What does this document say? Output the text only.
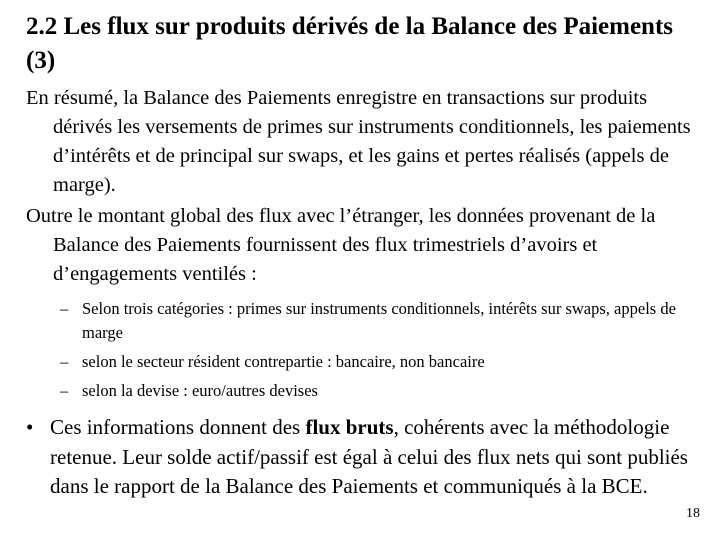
2.2 Les flux sur produits dérivés de la Balance des Paiements (3)

En résumé, la Balance des Paiements enregistre en transactions sur produits dérivés les versements de primes sur instruments conditionnels, les paiements d’intérêts et de principal sur swaps, et les gains et pertes réalisés (appels de marge).

Outre le montant global des flux avec l’étranger, les données provenant de la Balance des Paiements fournissent des flux trimestriels d’avoirs et d’engagements ventilés :

– Selon trois catégories : primes sur instruments conditionnels, intérêts sur swaps, appels de marge
– selon le secteur résident contrepartie : bancaire, non bancaire
– selon la devise : euro/autres devises
• Ces informations donnent des flux bruts, cohérents avec la méthodologie retenue. Leur solde actif/passif est égal à celui des flux nets qui sont publiés dans le rapport de la Balance des Paiements et communiqués à la BCE.
18
